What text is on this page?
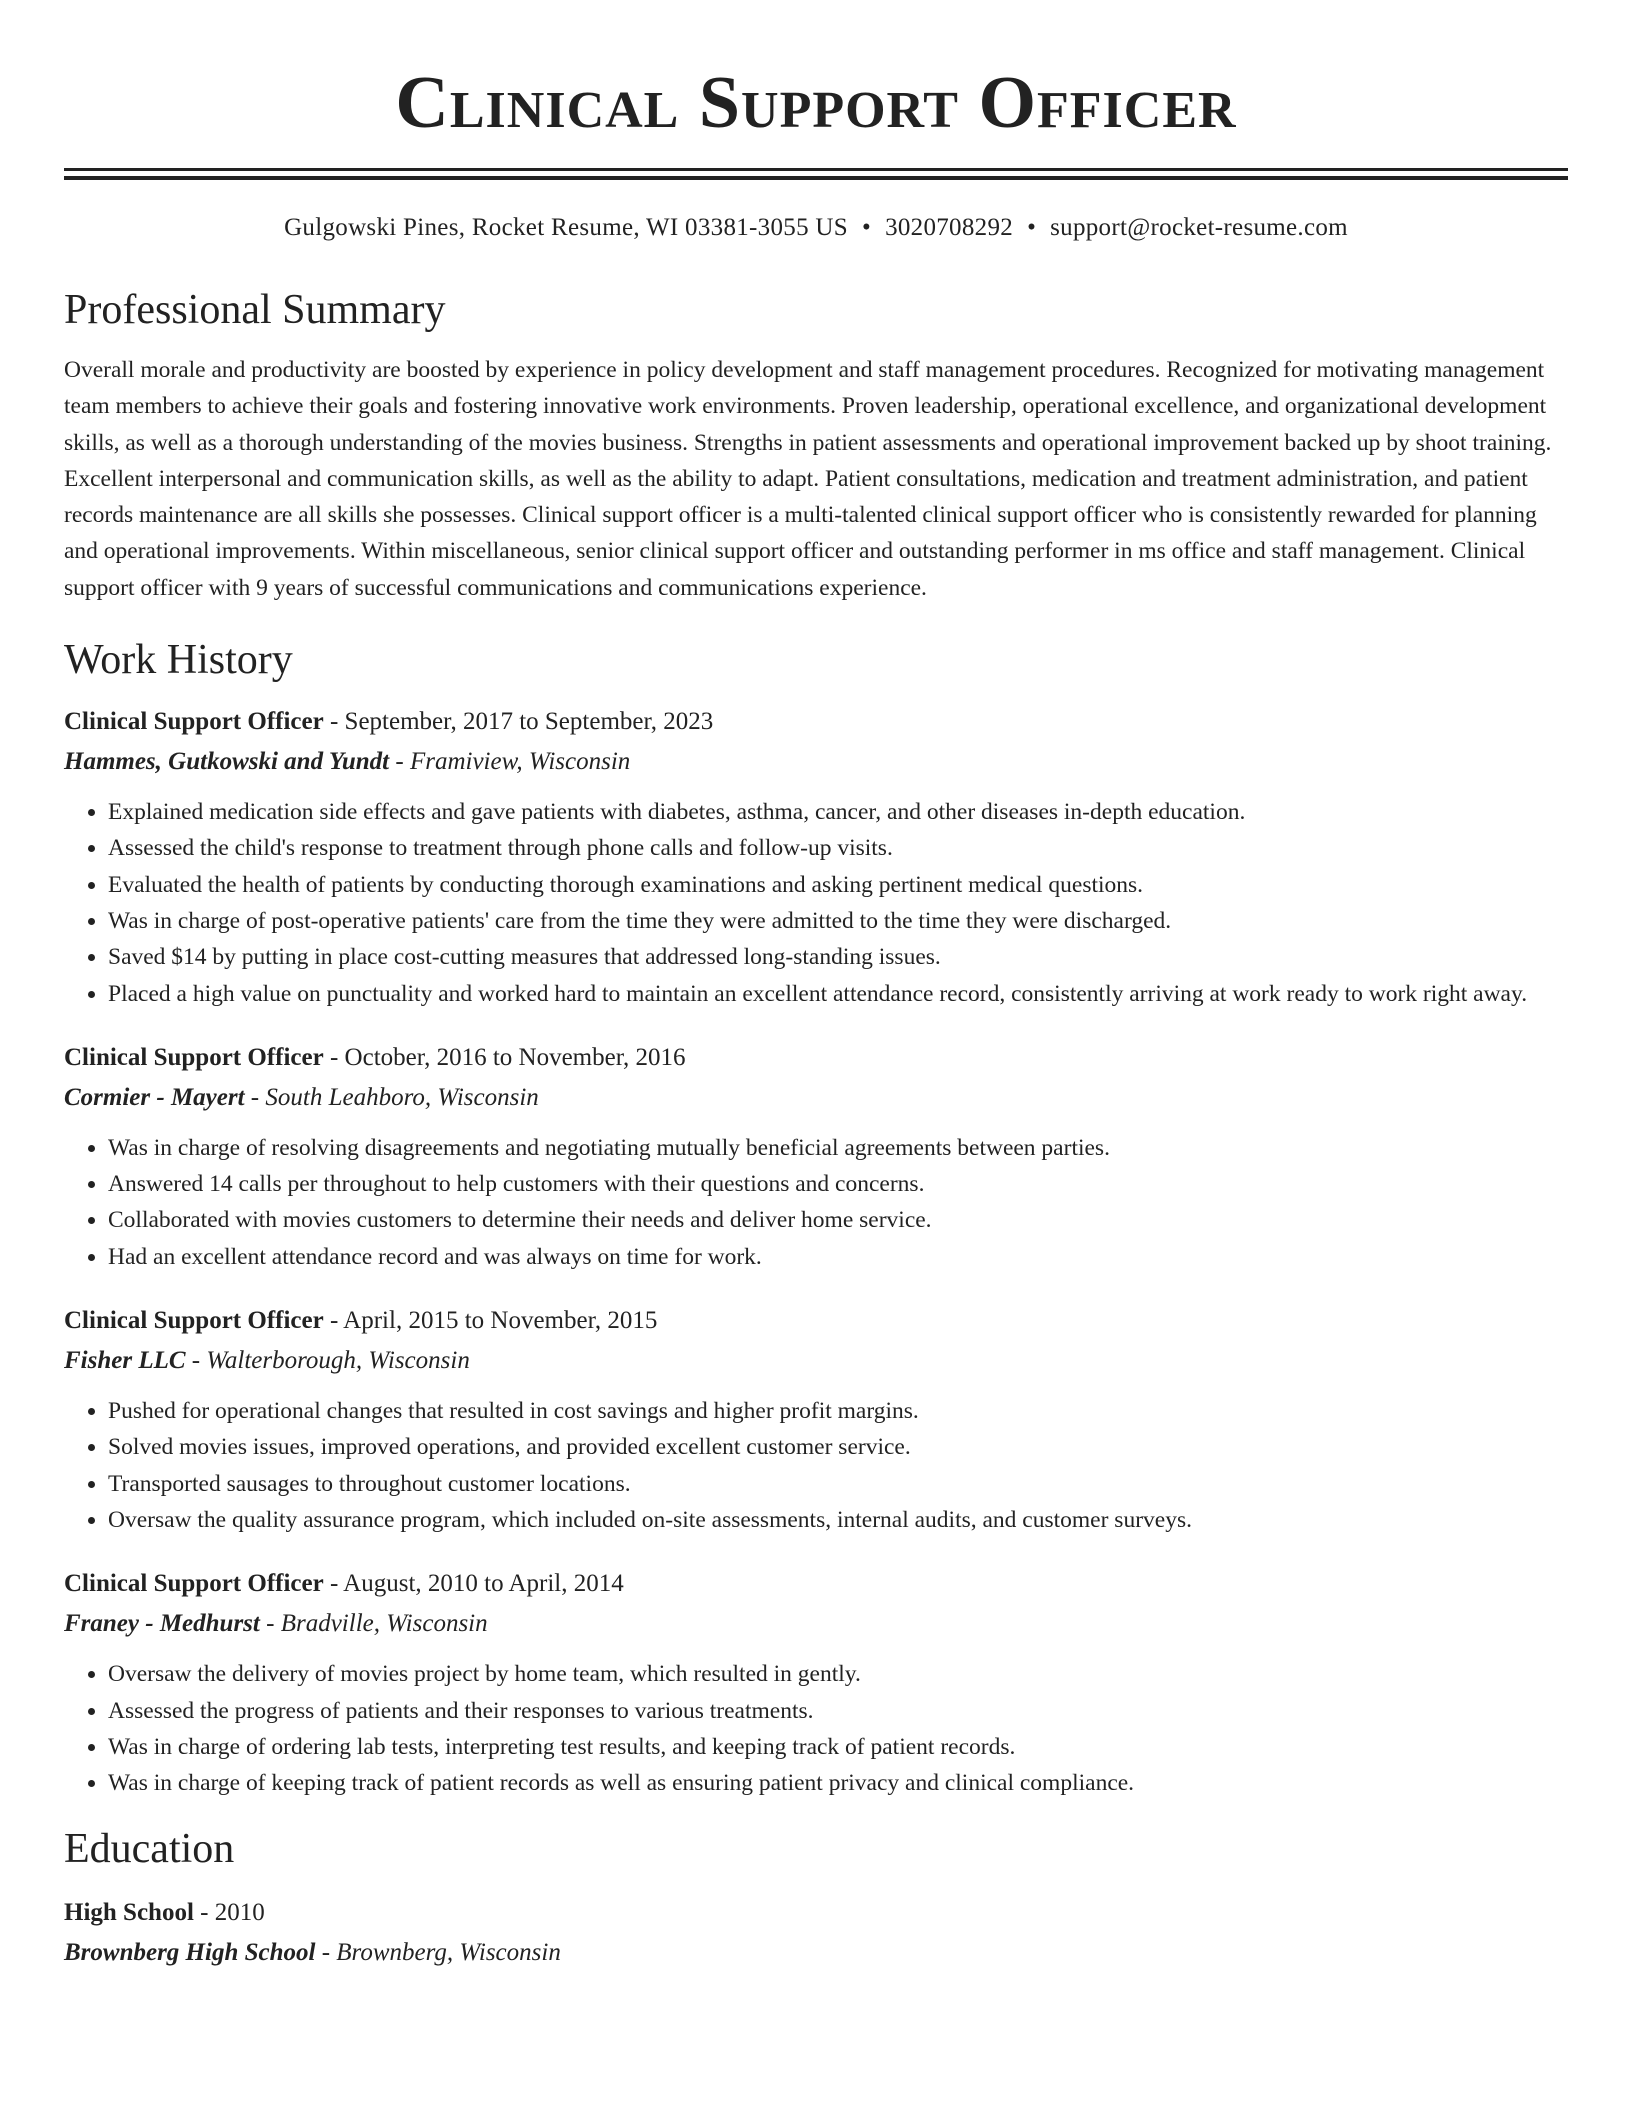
Clinical Support Officer
Gulgowski Pines, Rocket Resume, WI 03381-3055 US • 3020708292 • support@rocket-resume.com
Professional Summary
Overall morale and productivity are boosted by experience in policy development and staff management procedures. Recognized for motivating management team members to achieve their goals and fostering innovative work environments. Proven leadership, operational excellence, and organizational development skills, as well as a thorough understanding of the movies business. Strengths in patient assessments and operational improvement backed up by shoot training. Excellent interpersonal and communication skills, as well as the ability to adapt. Patient consultations, medication and treatment administration, and patient records maintenance are all skills she possesses. Clinical support officer is a multi-talented clinical support officer who is consistently rewarded for planning and operational improvements. Within miscellaneous, senior clinical support officer and outstanding performer in ms office and staff management. Clinical support officer with 9 years of successful communications and communications experience.
Work History
Clinical Support Officer - September, 2017 to September, 2023
Hammes, Gutkowski and Yundt - Framiview, Wisconsin
• Explained medication side effects and gave patients with diabetes, asthma, cancer, and other diseases in-depth education.
• Assessed the child's response to treatment through phone calls and follow-up visits.
• Evaluated the health of patients by conducting thorough examinations and asking pertinent medical questions.
• Was in charge of post-operative patients' care from the time they were admitted to the time they were discharged.
• Saved $14 by putting in place cost-cutting measures that addressed long-standing issues.
• Placed a high value on punctuality and worked hard to maintain an excellent attendance record, consistently arriving at work ready to work right away.
Clinical Support Officer - October, 2016 to November, 2016
Cormier - Mayert - South Leahboro, Wisconsin
• Was in charge of resolving disagreements and negotiating mutually beneficial agreements between parties.
• Answered 14 calls per throughout to help customers with their questions and concerns.
• Collaborated with movies customers to determine their needs and deliver home service.
• Had an excellent attendance record and was always on time for work.
Clinical Support Officer - April, 2015 to November, 2015
Fisher LLC - Walterborough, Wisconsin
• Pushed for operational changes that resulted in cost savings and higher profit margins.
• Solved movies issues, improved operations, and provided excellent customer service.
• Transported sausages to throughout customer locations.
• Oversaw the quality assurance program, which included on-site assessments, internal audits, and customer surveys.
Clinical Support Officer - August, 2010 to April, 2014
Franey - Medhurst - Bradville, Wisconsin
• Oversaw the delivery of movies project by home team, which resulted in gently.
• Assessed the progress of patients and their responses to various treatments.
• Was in charge of ordering lab tests, interpreting test results, and keeping track of patient records.
• Was in charge of keeping track of patient records as well as ensuring patient privacy and clinical compliance.
Education
High School - 2010
Brownberg High School - Brownberg, Wisconsin
